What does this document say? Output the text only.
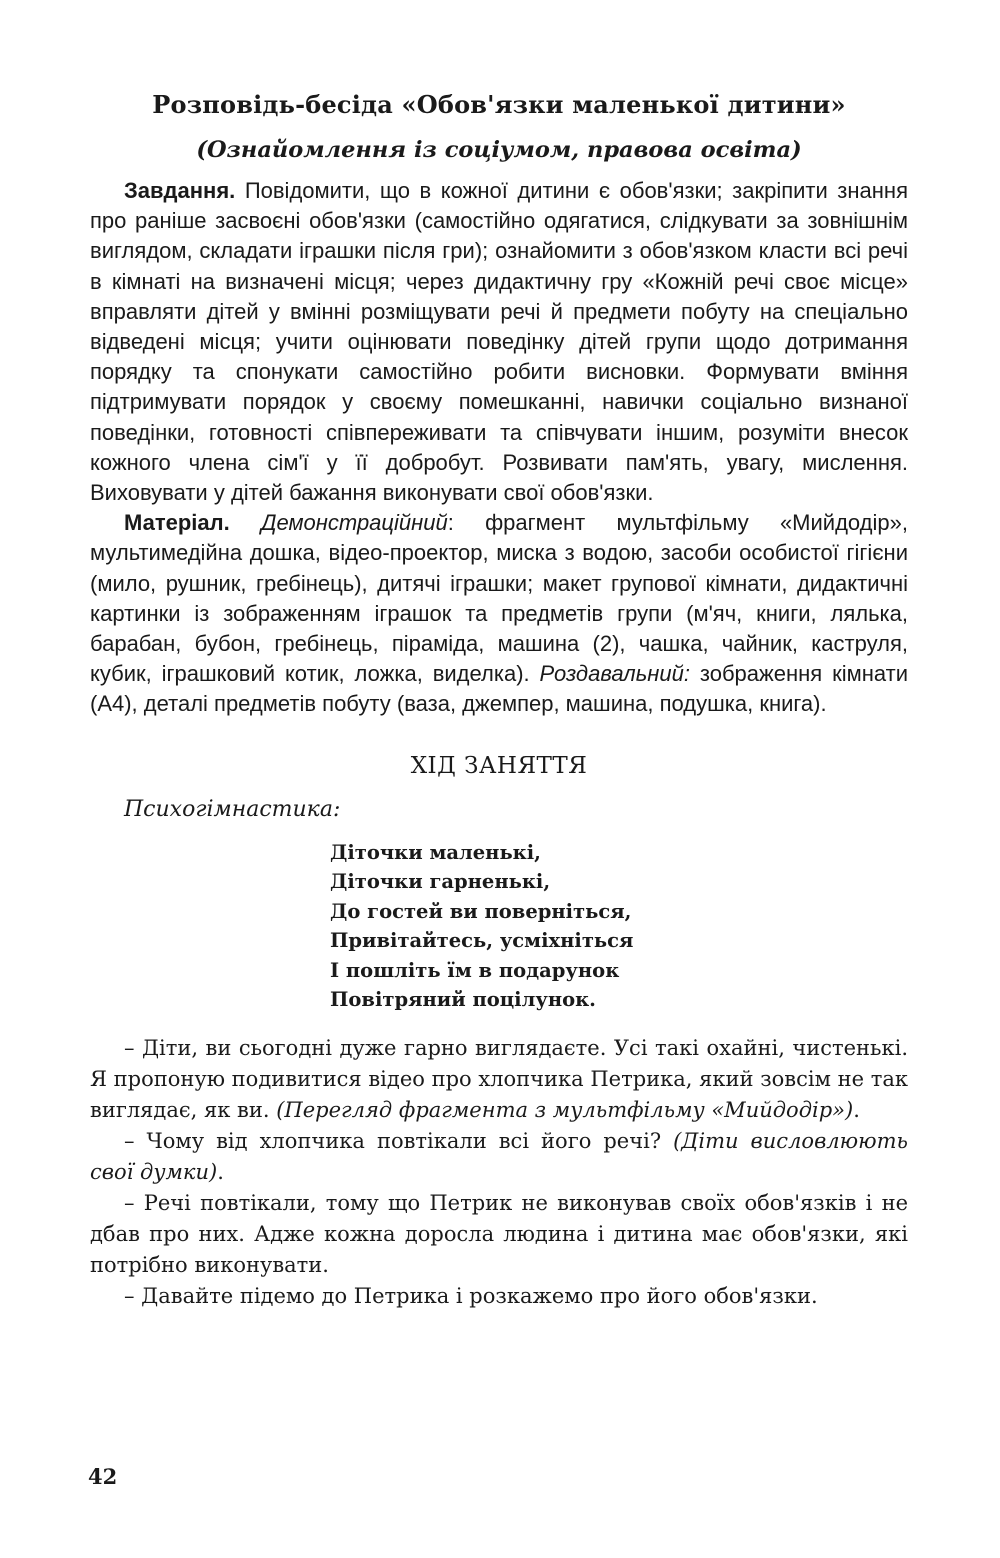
Розповідь-бесіда «Обов'язки маленької дитини»
(Ознайомлення із соціумом, правова освіта)

Завдання. Повідомити, що в кожної дитини є обов'язки; закріпити знання про раніше засвоєні обов'язки (самостійно одягатися, слідкувати за зовнішнім виглядом, складати іграшки після гри); ознайомити з обов'язком класти всі речі в кімнаті на визначені місця; через дидактичну гру «Кожній речі своє місце» вправляти дітей у вмінні розміщувати речі й предмети побуту на спеціально відведені місця; учити оцінювати поведінку дітей групи щодо дотримання порядку та спонукати самостійно робити висновки. Формувати вміння підтримувати порядок у своєму помешканні, навички соціально визнаної поведінки, готовності співпереживати та співчувати іншим, розуміти внесок кожного члена сім'ї у її добробут. Розвивати пам'ять, увагу, мислення. Виховувати у дітей бажання виконувати свої обов'язки.

Матеріал. Демонстраційний: фрагмент мультфільму «Мийдодір», мультимедійна дошка, відео-проектор, миска з водою, засоби особистої гігієни (мило, рушник, гребінець), дитячі іграшки; макет групової кімнати, дидактичні картинки із зображенням іграшок та предметів групи (м'яч, книги, лялька, барабан, бубон, гребінець, піраміда, машина (2), чашка, чайник, каструля, кубик, іграшковий котик, ложка, виделка). Роздавальний: зображення кімнати (А4), деталі предметів побуту (ваза, джемпер, машина, подушка, книга).

ХІД ЗАНЯТТЯ
Психогімнастика:
Діточки маленькі,
Діточки гарненькі,
До гостей ви поверніться,
Привітайтесь, усміхніться
І пошліть їм в подарунок
Повітряний поцілунок.

– Діти, ви сьогодні дуже гарно виглядаєте. Усі такі охайні, чистенькі. Я пропоную подивитися відео про хлопчика Петрика, який зовсім не так виглядає, як ви. (Перегляд фрагмента з мультфільму «Мийдодір»).

– Чому від хлопчика повтікали всі його речі? (Діти висловлюють свої думки).

– Речі повтікали, тому що Петрик не виконував своїх обов'язків і не дбав про них. Адже кожна доросла людина і дитина має обов'язки, які потрібно виконувати.

– Давайте підемо до Петрика і розкажемо про його обов'язки.

42
